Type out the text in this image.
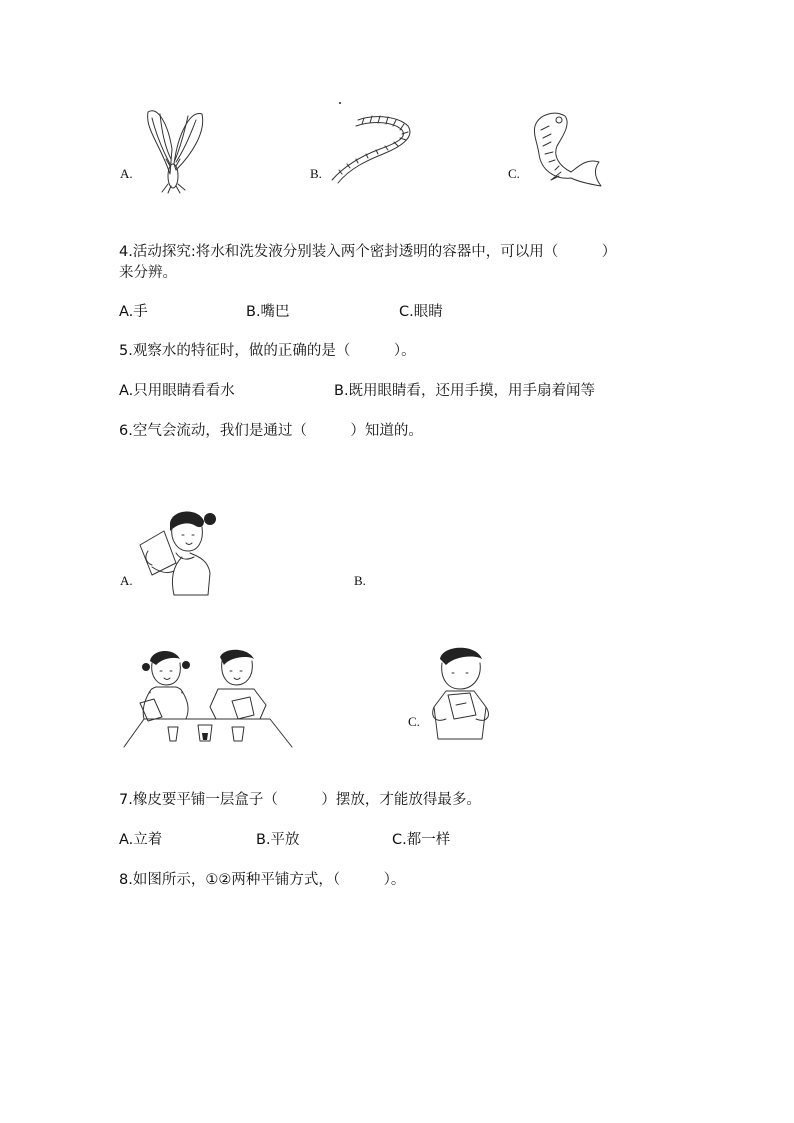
A.	B.	C.
4.活动探究:将水和洗发液分别装入两个密封透明的容器中，可以用（　　　）
来分辨。
A.手	B.嘴巴	C.眼睛
5.观察水的特征时，做的正确的是（　　　）。
A.只用眼睛看看水	B.既用眼睛看，还用手摸，用手扇着闻等
6.空气会流动，我们是通过（　　　）知道的。
A.	B.
C.
7.橡皮要平铺一层盒子（　　　）摆放，才能放得最多。
A.立着	B.平放	C.都一样
8.如图所示，①②两种平铺方式，（　　　）。
